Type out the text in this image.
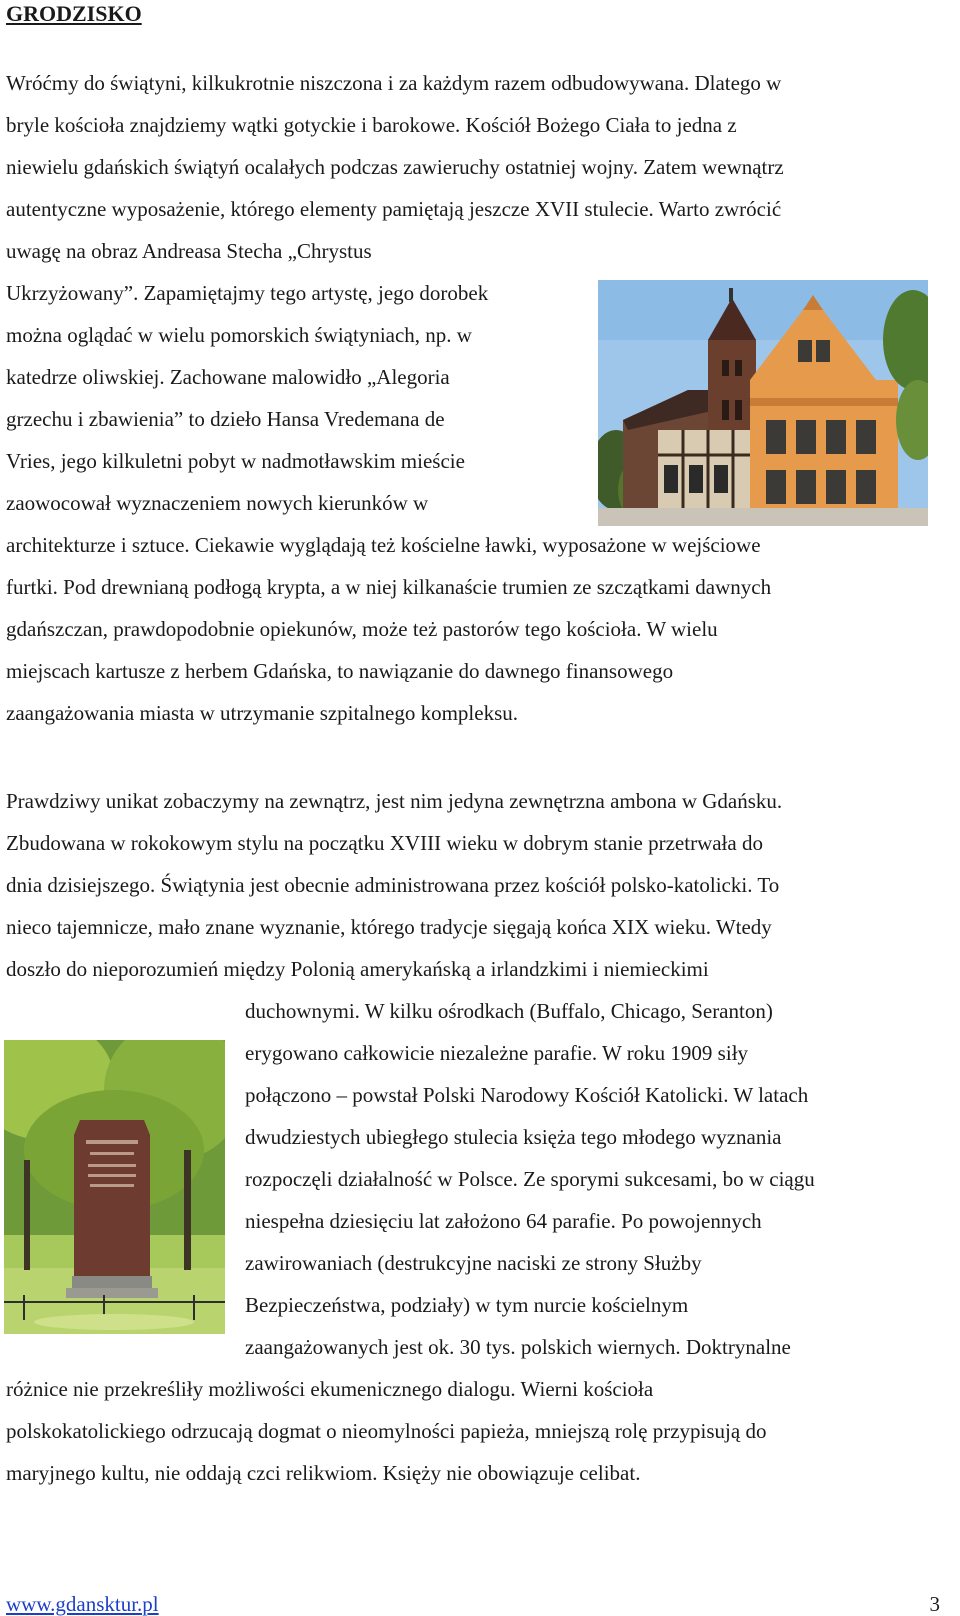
GRODZISKO
Wróćmy do świątyni, kilkukrotnie niszczona i za każdym razem odbudowywana. Dlatego w
bryle kościoła znajdziemy wątki gotyckie i barokowe. Kościół Bożego Ciała to jedna z
niewielu gdańskich świątyń ocalałych podczas zawieruchy ostatniej wojny. Zatem wewnątrz
autentyczne wyposażenie, którego elementy pamiętają jeszcze XVII stulecie. Warto zwrócić
uwagę na obraz Andreasa Stecha „Chrystus
Ukrzyżowany”. Zapamiętajmy tego artystę, jego dorobek
można oglądać w wielu pomorskich świątyniach, np. w
katedrze oliwskiej. Zachowane malowidło „Alegoria
grzechu i zbawienia” to dzieło Hansa Vredemana de
Vries, jego kilkuletni pobyt w nadmotławskim mieście
zaowocował wyznaczeniem nowych kierunków w
architekturze i sztuce. Ciekawie wyglądają też kościelne ławki, wyposażone w wejściowe
furtki. Pod drewnianą podłogą krypta, a w niej kilkanaście trumien ze szczątkami dawnych
gdańszczan, prawdopodobnie opiekunów, może też pastorów tego kościoła. W wielu
miejscach kartusze z herbem Gdańska, to nawiązanie do dawnego finansowego
zaangażowania miasta w utrzymanie szpitalnego kompleksu.
Prawdziwy unikat zobaczymy na zewnątrz, jest nim jedyna zewnętrzna ambona w Gdańsku.
Zbudowana w rokokowym stylu na początku XVIII wieku w dobrym stanie przetrwała do
dnia dzisiejszego. Świątynia jest obecnie administrowana przez kościół polsko-katolicki. To
nieco tajemnicze, mało znane wyznanie, którego tradycje sięgają końca XIX wieku. Wtedy
doszło do nieporozumień między Polonią amerykańską a irlandzkimi i niemieckimi
duchownymi. W kilku ośrodkach (Buffalo, Chicago, Seranton)
erygowano całkowicie niezależne parafie. W roku 1909 siły
połączono – powstał Polski Narodowy Kościół Katolicki. W latach
dwudziestych ubiegłego stulecia księża tego młodego wyznania
rozpoczęli działalność w Polsce. Ze sporymi sukcesami, bo w ciągu
niespełna dziesięciu lat założono 64 parafie. Po powojennych
zawirowaniach (destrukcyjne naciski ze strony Służby
Bezpieczeństwa, podziały) w tym nurcie kościelnym
zaangażowanych jest ok. 30 tys. polskich wiernych. Doktrynalne
różnice nie przekreśliły możliwości ekumenicznego dialogu. Wierni kościoła
polskokatolickiego odrzucają dogmat o nieomylności papieża, mniejszą rolę przypisują do
maryjnego kultu, nie oddają czci relikwiom. Księży nie obowiązuje celibat.
www.gdansktur.pl	3
